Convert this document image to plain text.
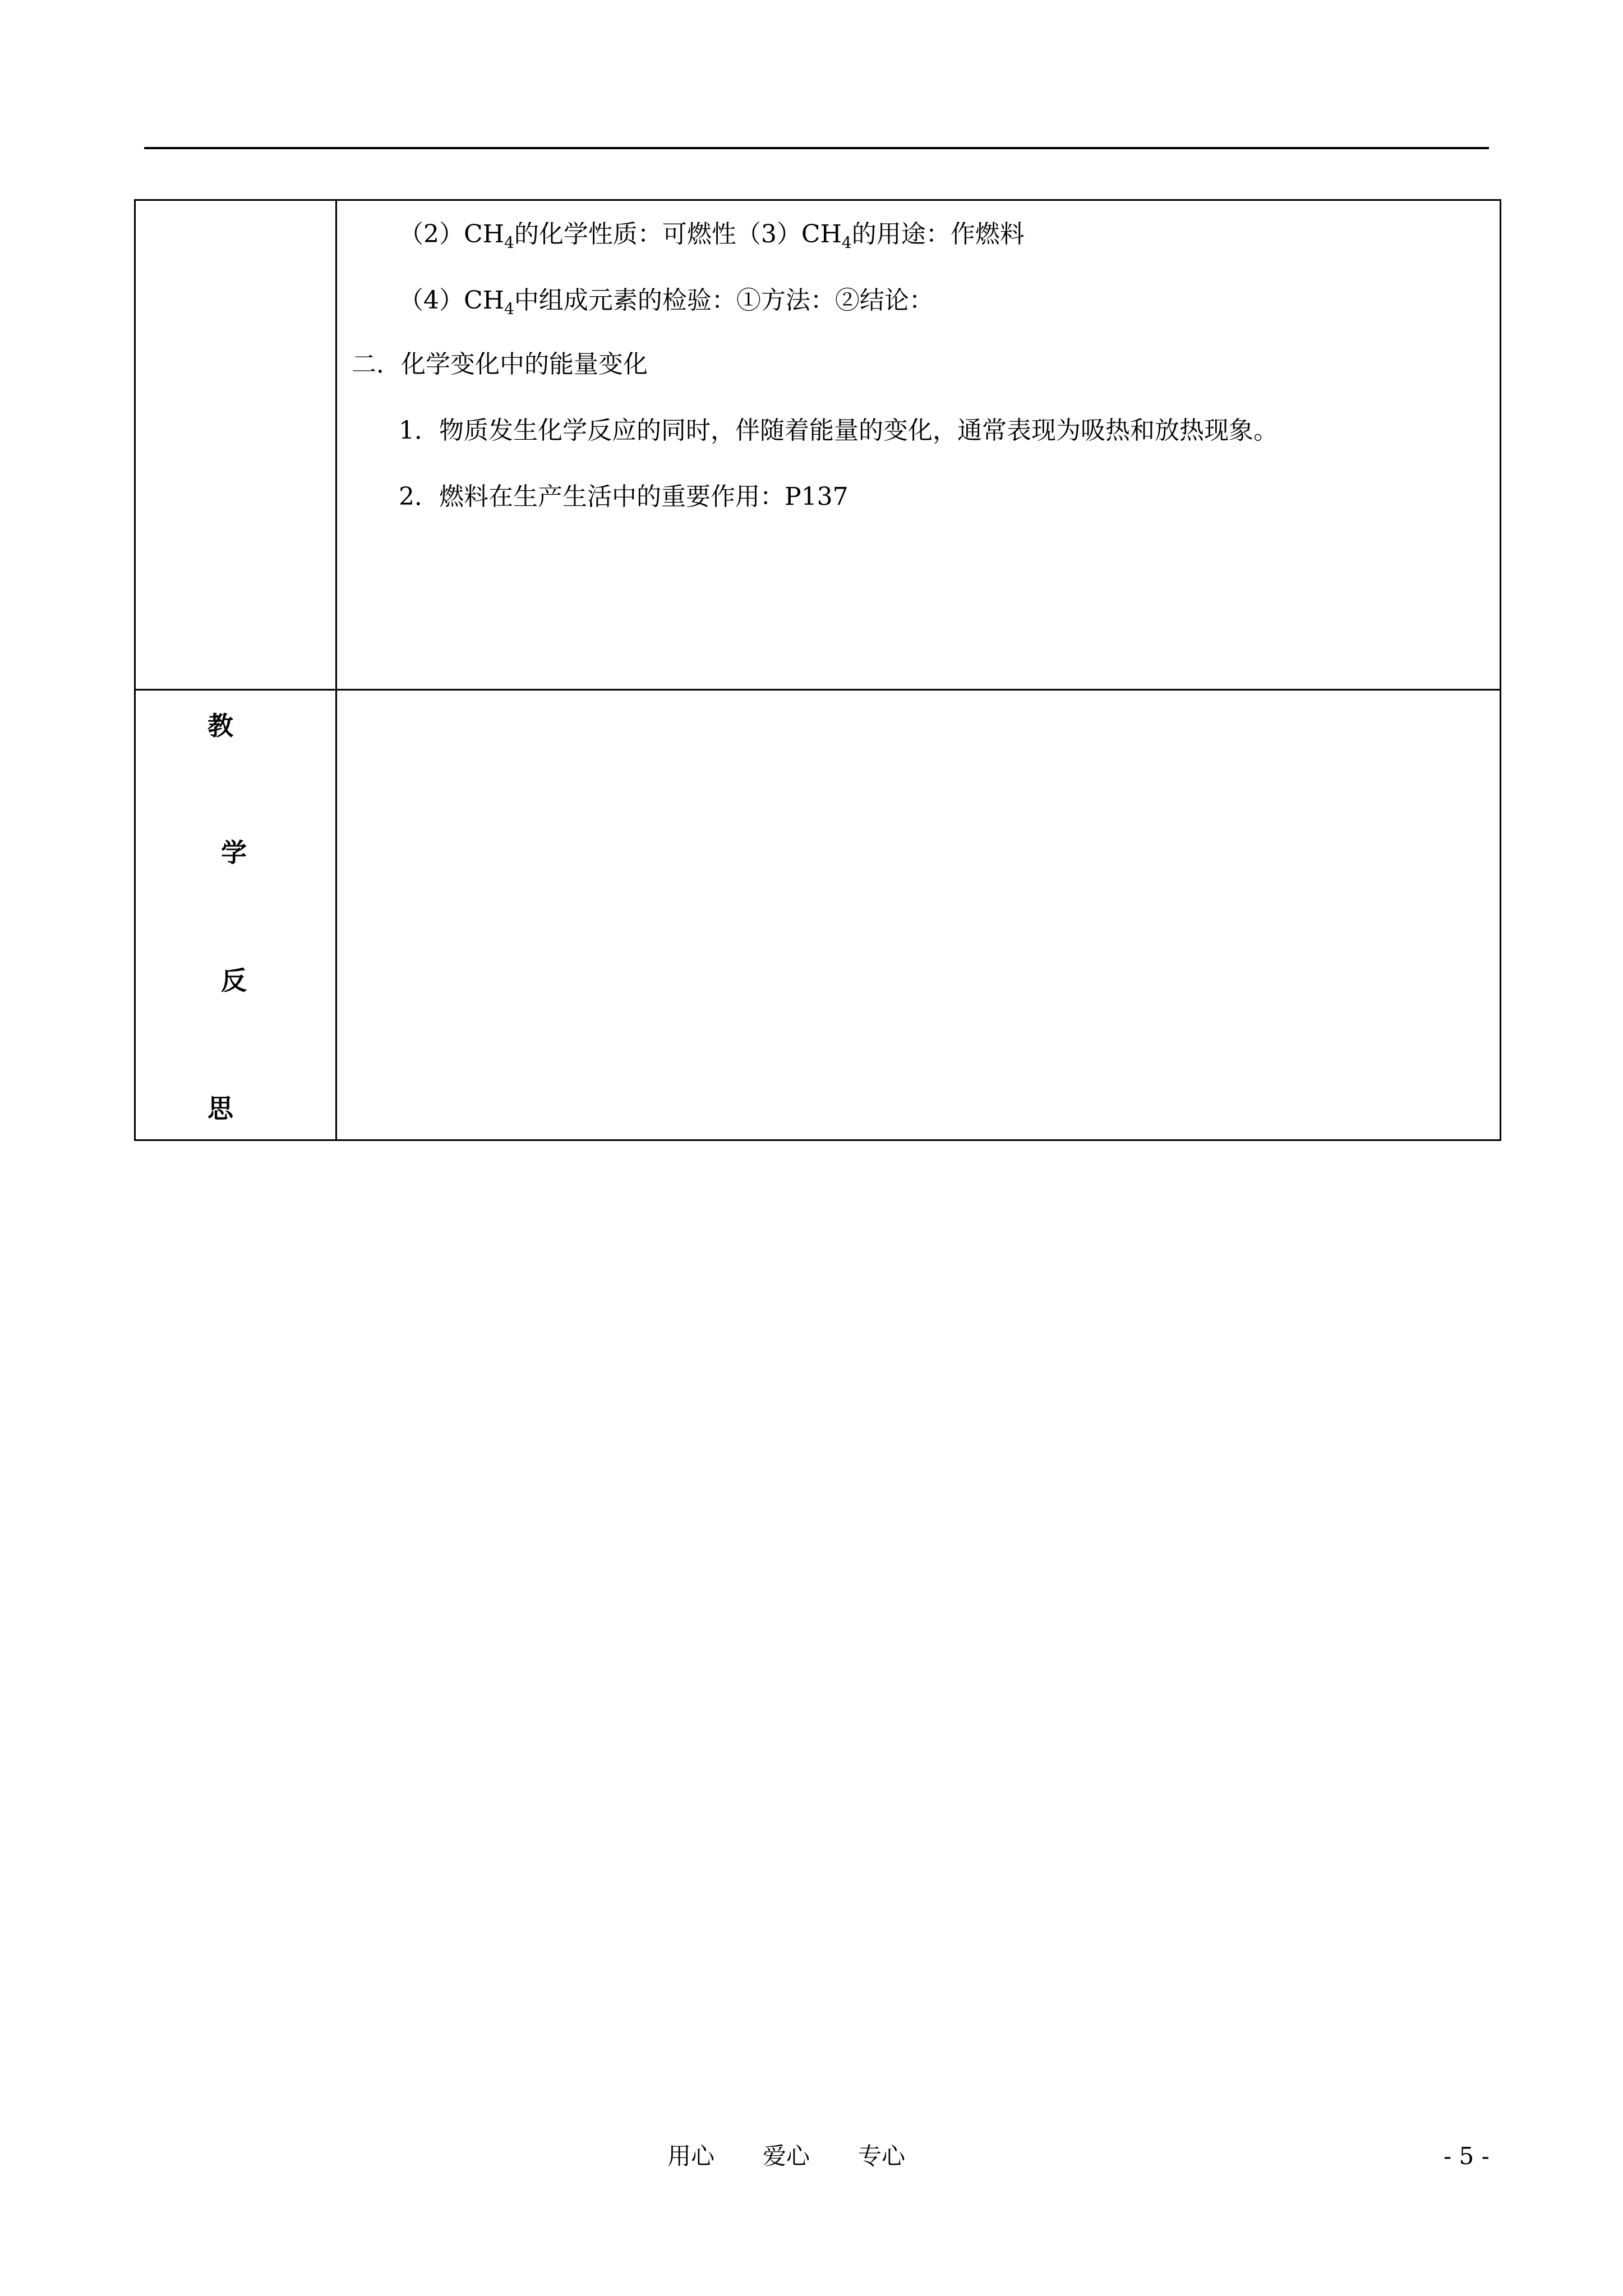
$(2)CH_4$的化学性质：可燃性$(3)CH_4$的用途：作燃料
$(4)CH_4$中组成元素的检验：①方法：②结论：
二．化学变化中的能量变化
1．物质发生化学反应的同时，伴随着能量的变化，通常表现为吸热和放热现象。
2．燃料在生产生活中的重要作用：P137
教
学
反
思
用心 爱心 专心	- 5 -
